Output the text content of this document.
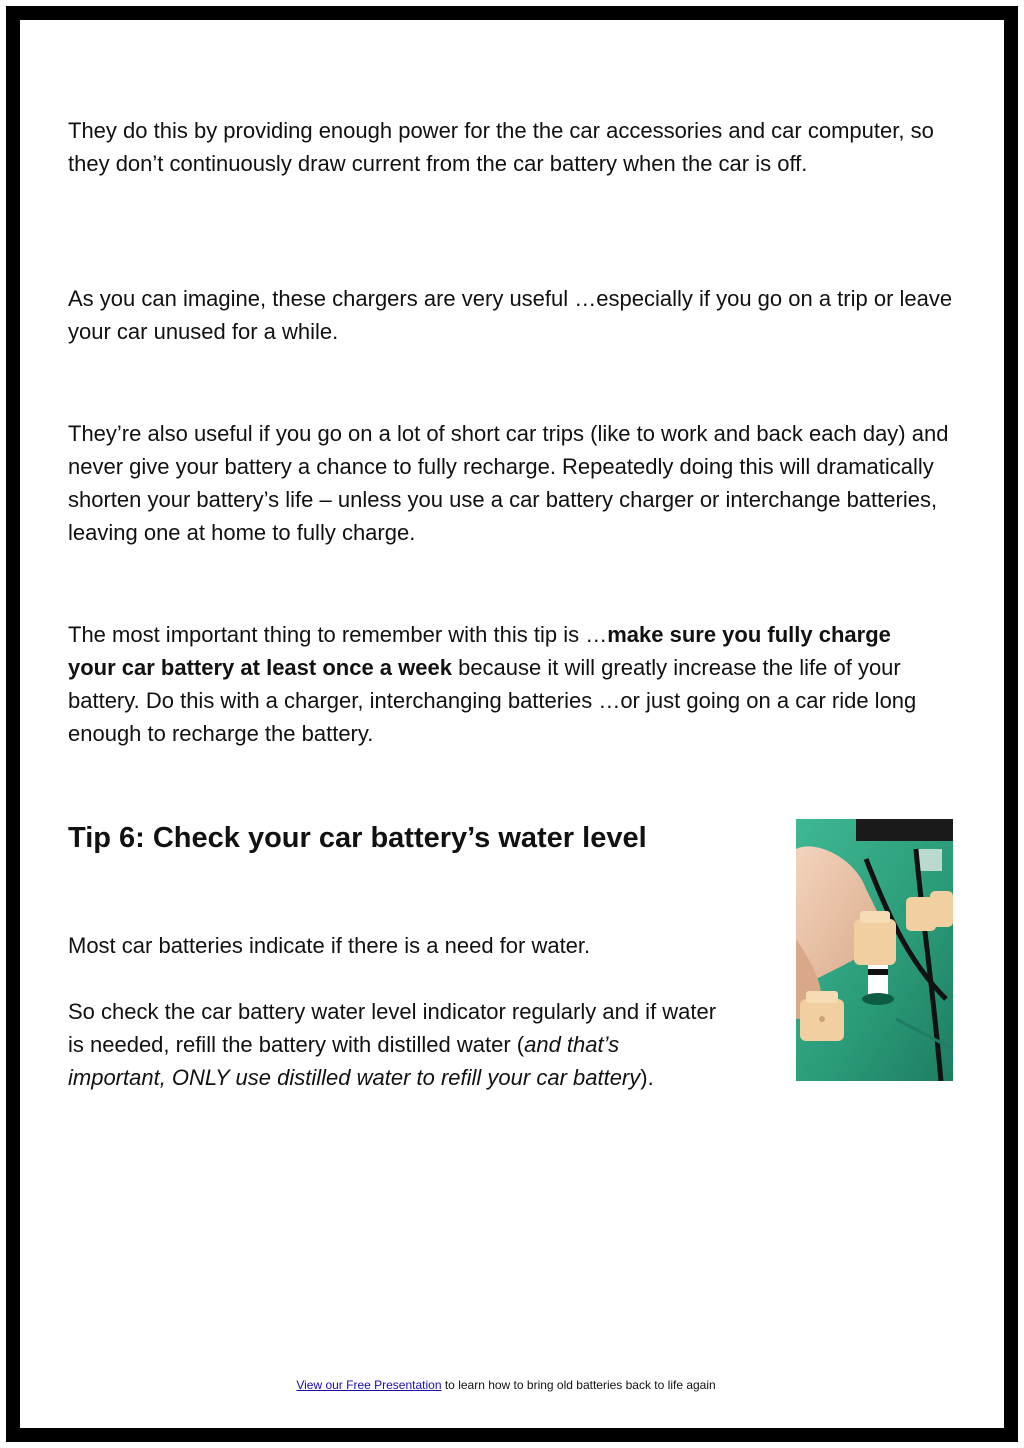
They do this by providing enough power for the the car accessories and car computer, so they don’t continuously draw current from the car battery when the car is off.

As you can imagine, these chargers are very useful …especially if you go on a trip or leave your car unused for a while.

They’re also useful if you go on a lot of short car trips (like to work and back each day) and never give your battery a chance to fully recharge. Repeatedly doing this will dramatically shorten your battery’s life – unless you use a car battery charger or interchange batteries, leaving one at home to fully charge.

The most important thing to remember with this tip is …make sure you fully charge your car battery at least once a week because it will greatly increase the life of your battery. Do this with a charger, interchanging batteries …or just going on a car ride long enough to recharge the battery.

Tip 6: Check your car battery’s water level

Most car batteries indicate if there is a need for water.

So check the car battery water level indicator regularly and if water is needed, refill the battery with distilled water (and that’s important, ONLY use distilled water to refill your car battery).

View our Free Presentation to learn how to bring old batteries back to life again
